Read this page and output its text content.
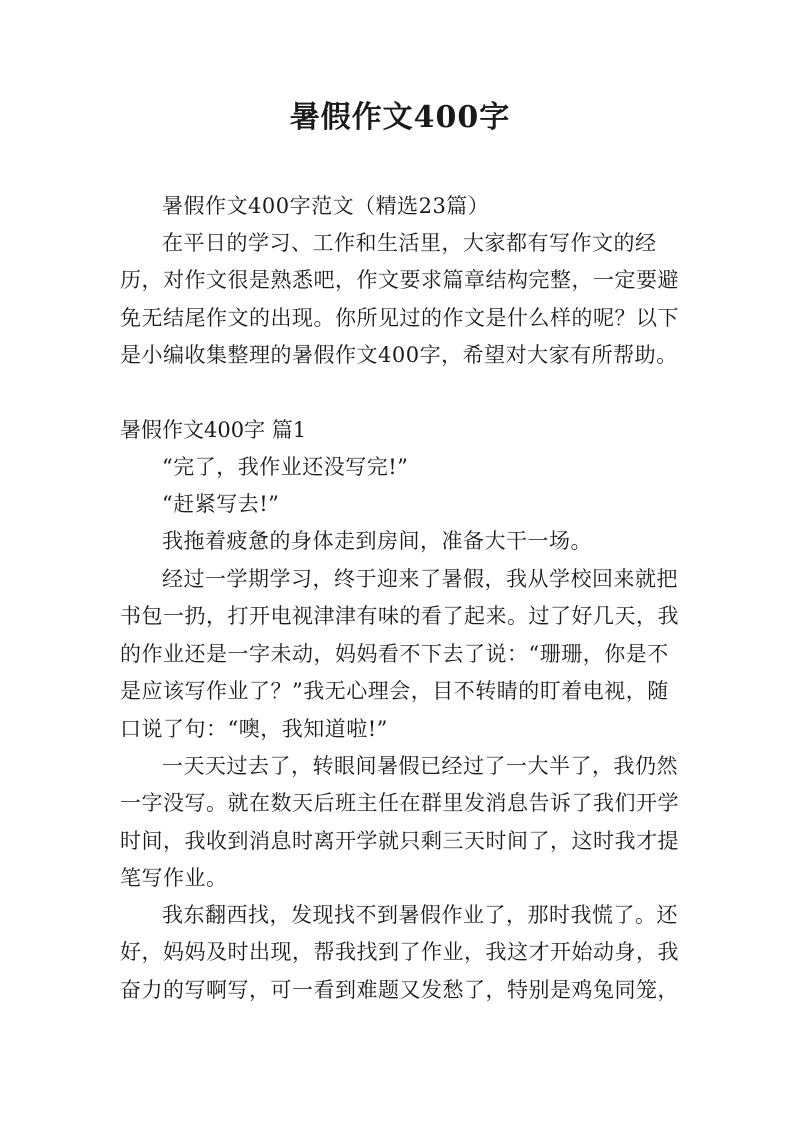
暑假作文400字

暑假作文400字范文（精选23篇）

在平日的学习、工作和生活里，大家都有写作文的经历，对作文很是熟悉吧，作文要求篇章结构完整，一定要避免无结尾作文的出现。你所见过的作文是什么样的呢？以下是小编收集整理的暑假作文400字，希望对大家有所帮助。

暑假作文400字 篇1

“完了，我作业还没写完!”

“赶紧写去!”

我拖着疲惫的身体走到房间，准备大干一场。

经过一学期学习，终于迎来了暑假，我从学校回来就把书包一扔，打开电视津津有味的看了起来。过了好几天，我的作业还是一字未动，妈妈看不下去了说：“珊珊，你是不是应该写作业了？”我无心理会，目不转睛的盯着电视，随口说了句：“噢，我知道啦!”

一天天过去了，转眼间暑假已经过了一大半了，我仍然一字没写。就在数天后班主任在群里发消息告诉了我们开学时间，我收到消息时离开学就只剩三天时间了，这时我才提笔写作业。

我东翻西找，发现找不到暑假作业了，那时我慌了。还好，妈妈及时出现，帮我找到了作业，我这才开始动身，我奋力的写啊写，可一看到难题又发愁了，特别是鸡兔同笼，
